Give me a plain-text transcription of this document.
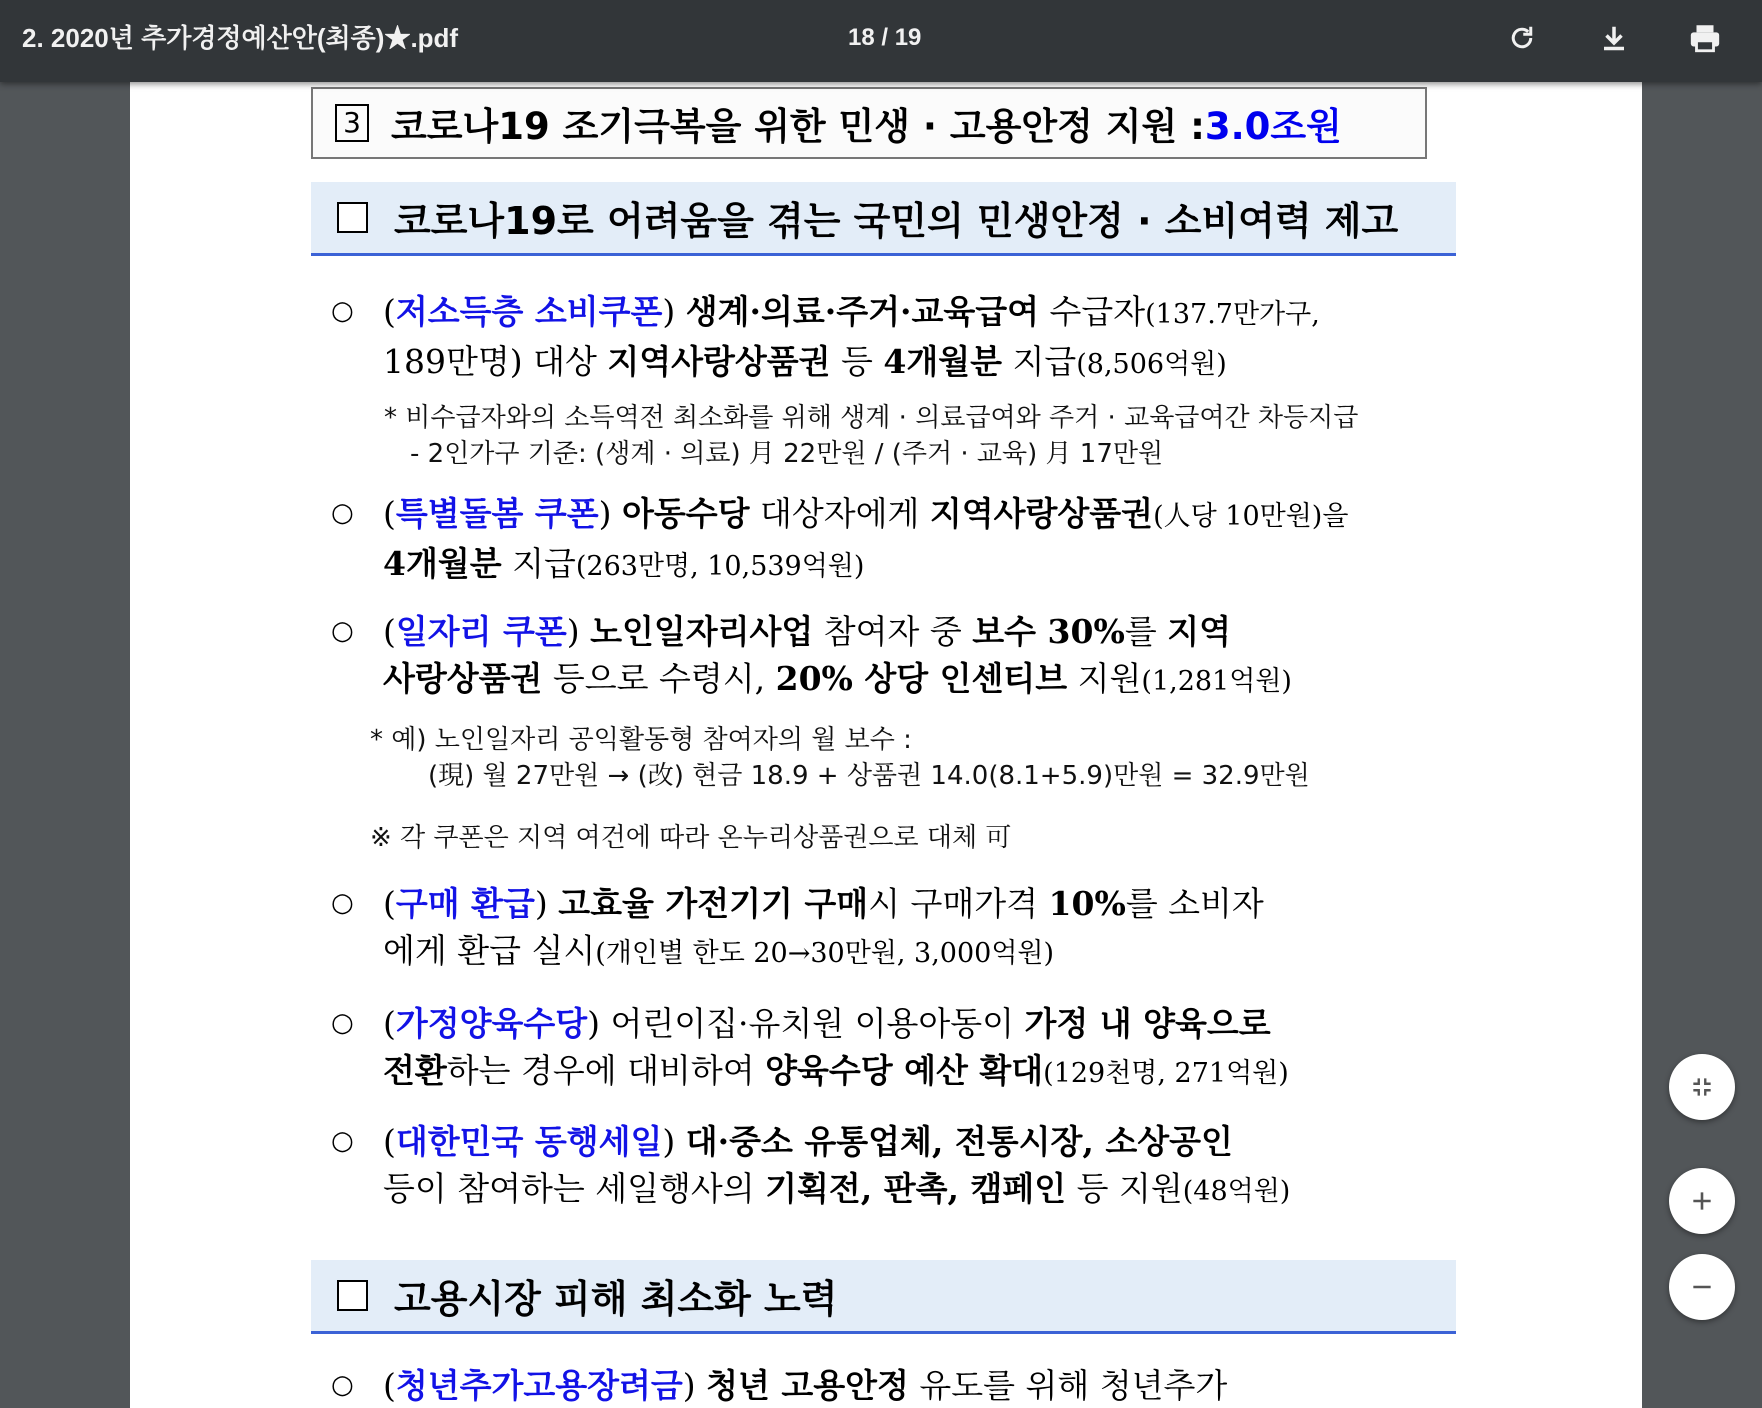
2. 2020년 추가경정예산안(최종)★.pdf	18 / 19
3 코로나19 조기극복을 위한 민생 · 고용안정 지원 : 3.0조원
코로나19로 어려움을 겪는 국민의 민생안정 · 소비여력 제고
○ (저소득층 소비쿠폰) 생계·의료·주거·교육급여 수급자(137.7만가구,
189만명) 대상 지역사랑상품권 등 4개월분 지급(8,506억원)
* 비수급자와의 소득역전 최소화를 위해 생계 · 의료급여와 주거 · 교육급여간 차등지급
- 2인가구 기준: (생계 · 의료) 月 22만원 / (주거 · 교육) 月 17만원
○ (특별돌봄 쿠폰) 아동수당 대상자에게 지역사랑상품권(人당 10만원)을
4개월분 지급(263만명, 10,539억원)
○ (일자리 쿠폰) 노인일자리사업 참여자 중 보수 30%를 지역
사랑상품권 등으로 수령시, 20% 상당 인센티브 지원(1,281억원)
* 예) 노인일자리 공익활동형 참여자의 월 보수 :
(現) 월 27만원 → (改) 현금 18.9 + 상품권 14.0(8.1+5.9)만원 = 32.9만원
※ 각 쿠폰은 지역 여건에 따라 온누리상품권으로 대체 可
○ (구매 환급) 고효율 가전기기 구매시 구매가격 10%를 소비자
에게 환급 실시(개인별 한도 20→30만원, 3,000억원)
○ (가정양육수당) 어린이집·유치원 이용아동이 가정 내 양육으로
전환하는 경우에 대비하여 양육수당 예산 확대(129천명, 271억원)
○ (대한민국 동행세일) 대·중소 유통업체, 전통시장, 소상공인
등이 참여하는 세일행사의 기획전, 판촉, 캠페인 등 지원(48억원)
고용시장 피해 최소화 노력
○ (청년추가고용장려금) 청년 고용안정 유도를 위해 청년추가
